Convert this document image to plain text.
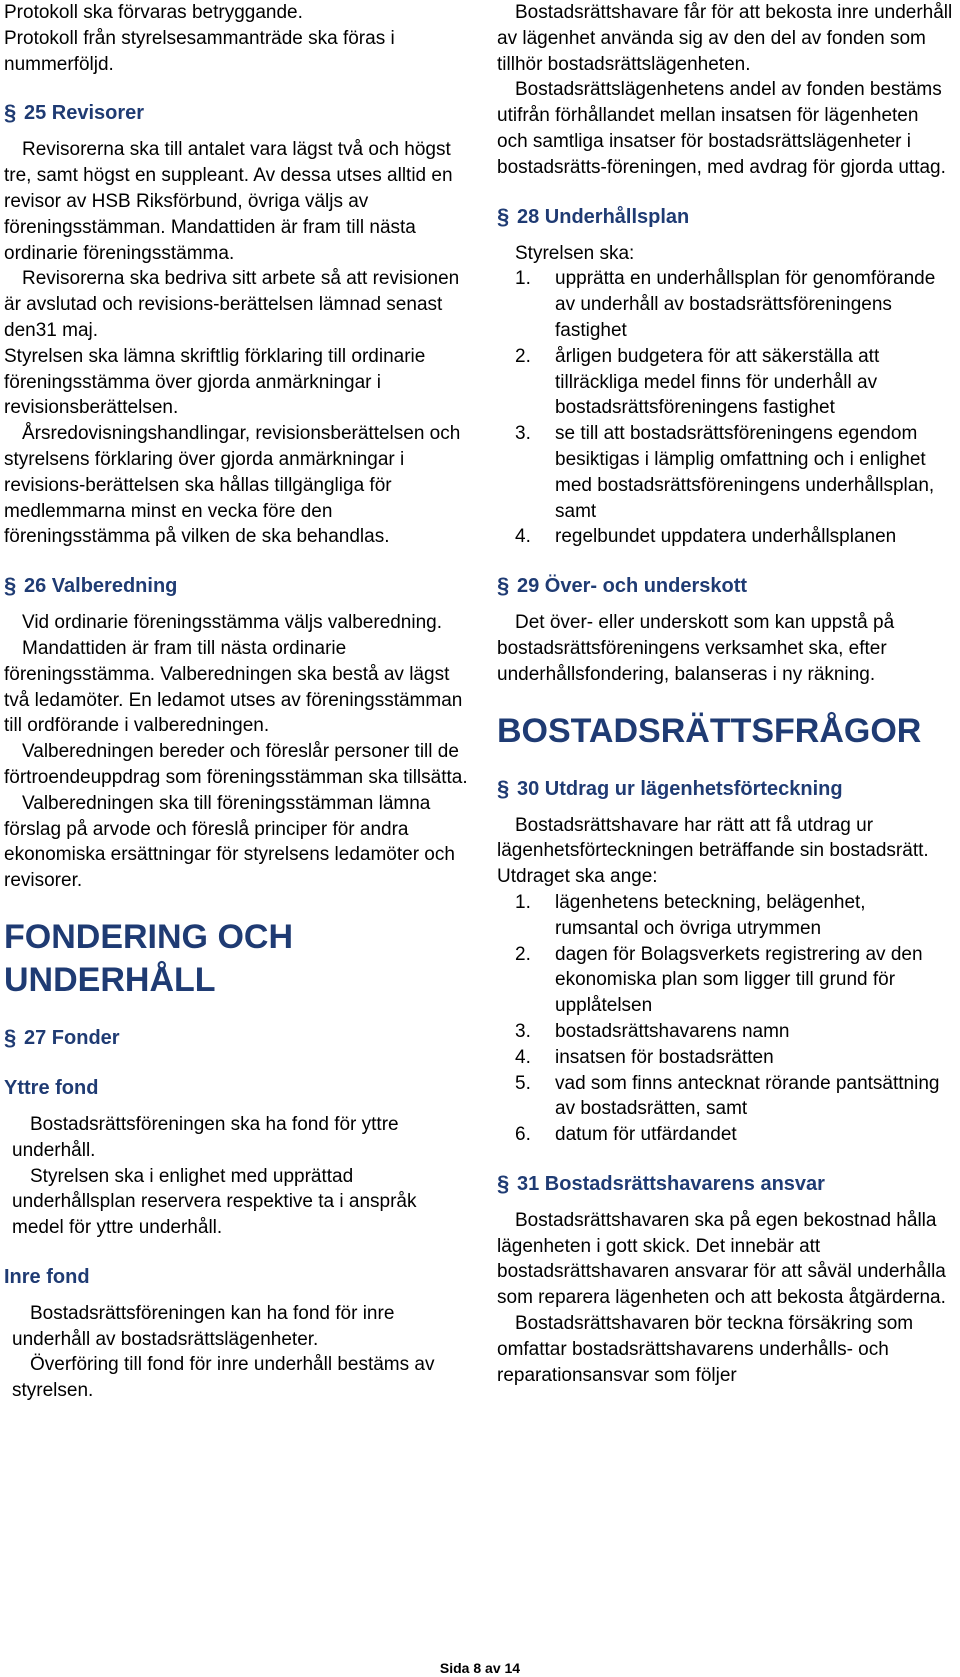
Protokoll ska förvaras betryggande.

Protokoll från styrelsesammanträde ska föras i nummerföljd.

§ 25 Revisorer

Revisorerna ska till antalet vara lägst två och högst tre, samt högst en suppleant. Av dessa utses alltid en revisor av HSB Riksförbund, övriga väljs av föreningsstämman. Mandattiden är fram till nästa ordinarie föreningsstämma.

Revisorerna ska bedriva sitt arbete så att revisionen är avslutad och revisions-berättelsen lämnad senast den31 maj.

Styrelsen ska lämna skriftlig förklaring till ordinarie föreningsstämma över gjorda anmärkningar i revisionsberättelsen.

Årsredovisningshandlingar, revisionsberättelsen och styrelsens förklaring över gjorda anmärkningar i revisions-berättelsen ska hållas tillgängliga för medlemmarna minst en vecka före den föreningsstämma på vilken de ska behandlas.

§ 26 Valberedning

Vid ordinarie föreningsstämma väljs valberedning.

Mandattiden är fram till nästa ordinarie föreningsstämma. Valberedningen ska bestå av lägst två ledamöter. En ledamot utses av föreningsstämman till ordförande i valberedningen.

Valberedningen bereder och föreslår personer till de förtroendeuppdrag som föreningsstämman ska tillsätta.

Valberedningen ska till föreningsstämman lämna förslag på arvode och föreslå principer för andra ekonomiska ersättningar för styrelsens ledamöter och revisorer.

FONDERING OCH UNDERHÅLL
§ 27 Fonder
Yttre fond

Bostadsrättsföreningen ska ha fond för yttre underhåll.

Styrelsen ska i enlighet med upprättad underhållsplan reservera respektive ta i anspråk medel för yttre underhåll.

Inre fond

Bostadsrättsföreningen kan ha fond för inre underhåll av bostadsrättslägenheter.

Överföring till fond för inre underhåll bestäms av styrelsen.

Bostadsrättshavare får för att bekosta inre underhåll av lägenhet använda sig av den del av fonden som tillhör bostadsrättslägenheten.

Bostadsrättslägenhetens andel av fonden bestäms utifrån förhållandet mellan insatsen för lägenheten och samtliga insatser för bostadsrättslägenheter i bostadsrätts-föreningen, med avdrag för gjorda uttag.

§ 28 Underhållsplan

Styrelsen ska:

1. upprätta en underhållsplan för genomförande av underhåll av bostadsrättsföreningens fastighet
2. årligen budgetera för att säkerställa att tillräckliga medel finns för underhåll av bostadsrättsföreningens fastighet
3. se till att bostadsrättsföreningens egendom besiktigas i lämplig omfattning och i enlighet med bostadsrättsföreningens underhållsplan, samt
4. regelbundet uppdatera underhållsplanen
§ 29 Över- och underskott

Det över- eller underskott som kan uppstå på bostadsrättsföreningens verksamhet ska, efter underhållsfondering, balanseras i ny räkning.

BOSTADSRÄTTSFRÅGOR
§ 30 Utdrag ur lägenhetsförteckning

Bostadsrättshavare har rätt att få utdrag ur lägenhetsförteckningen beträffande sin bostadsrätt. Utdraget ska ange:

1. lägenhetens beteckning, belägenhet, rumsantal och övriga utrymmen
2. dagen för Bolagsverkets registrering av den ekonomiska plan som ligger till grund för upplåtelsen
3. bostadsrättshavarens namn
4. insatsen för bostadsrätten
5. vad som finns antecknat rörande pantsättning av bostadsrätten, samt
6. datum för utfärdandet
§ 31 Bostadsrättshavarens ansvar

Bostadsrättshavaren ska på egen bekostnad hålla lägenheten i gott skick. Det innebär att bostadsrättshavaren ansvarar för att såväl underhålla som reparera lägenheten och att bekosta åtgärderna.

Bostadsrättshavaren bör teckna försäkring som omfattar bostadsrättshavarens underhålls- och reparationsansvar som följer

Sida 8 av 14
